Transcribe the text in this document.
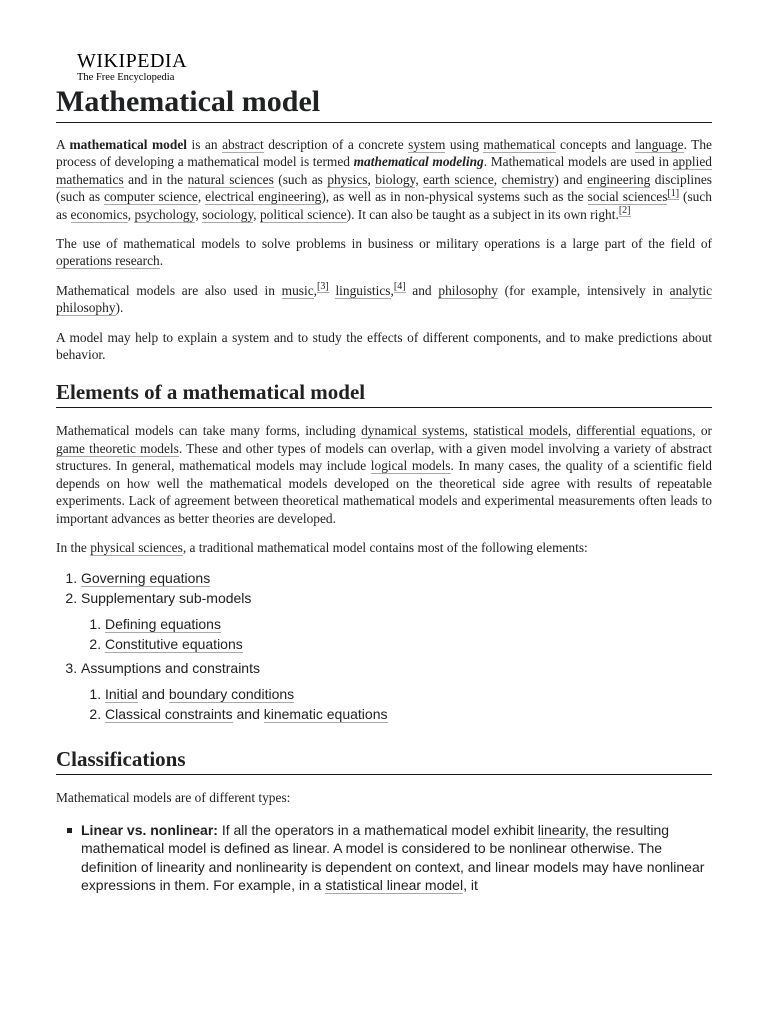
WIKIPEDIA
The Free Encyclopedia
Mathematical model

A mathematical model is an abstract description of a concrete system using mathematical concepts and language. The process of developing a mathematical model is termed mathematical modeling. Mathematical models are used in applied mathematics and in the natural sciences (such as physics, biology, earth science, chemistry) and engineering disciplines (such as computer science, electrical engineering), as well as in non-physical systems such as the social sciences[1] (such as economics, psychology, sociology, political science). It can also be taught as a subject in its own right.[2]

The use of mathematical models to solve problems in business or military operations is a large part of the field of operations research.

Mathematical models are also used in music,[3] linguistics,[4] and philosophy (for example, intensively in analytic philosophy).

A model may help to explain a system and to study the effects of different components, and to make predictions about behavior.

Elements of a mathematical model

Mathematical models can take many forms, including dynamical systems, statistical models, differential equations, or game theoretic models. These and other types of models can overlap, with a given model involving a variety of abstract structures. In general, mathematical models may include logical models. In many cases, the quality of a scientific field depends on how well the mathematical models developed on the theoretical side agree with results of repeatable experiments. Lack of agreement between theoretical mathematical models and experimental measurements often leads to important advances as better theories are developed.

In the physical sciences, a traditional mathematical model contains most of the following elements:

1. Governing equations
2. Supplementary sub-models
1. Defining equations
2. Constitutive equations
3. Assumptions and constraints
1. Initial and boundary conditions
2. Classical constraints and kinematic equations
Classifications

Mathematical models are of different types:

Linear vs. nonlinear: If all the operators in a mathematical model exhibit linearity, the resulting mathematical model is defined as linear. A model is considered to be nonlinear otherwise. The definition of linearity and nonlinearity is dependent on context, and linear models may have nonlinear expressions in them. For example, in a statistical linear model, it
